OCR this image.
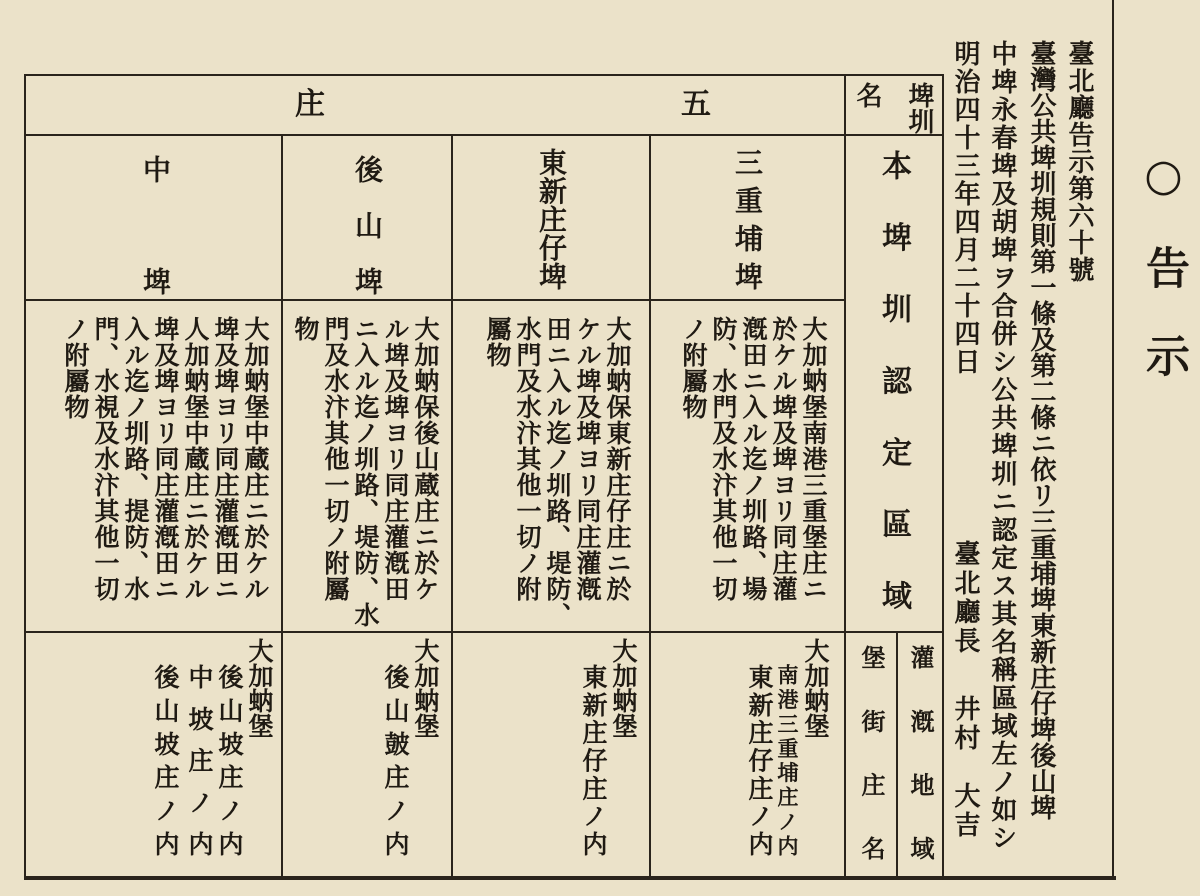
○告示
臺北廳告示第六十號
臺灣公共埤圳規則第一條及第二條ニ依リ三重埔埤東新庄仔埤後山埤
中埤永春埤及胡埤ヲ合併シ公共埤圳ニ認定ス其名稱區域左ノ如シ
明治四十三年四月二十四日
臺北廳長
井村　大吉
埤圳
名
本埤圳認定區域
灌漑地域
堡街庄名
五
庄
三重埔埤
東新庄仔埤
後山埤
中埤
大加蚋堡南港三重堡庄ニ
於ケル埤及埤ヨリ同庄灌
漑田ニ入ル迄ノ圳路、場
防、水門及水汴其他一切
ノ附屬物
大加蚋保東新庄仔庄ニ於
ケル埤及埤ヨリ同庄灌漑
田ニ入ル迄ノ圳路、堤防、
水門及水汴其他一切ノ附
屬物
大加蚋保後山蔵庄ニ於ケ
ル埤及埤ヨリ同庄灌漑田
ニ入ル迄ノ圳路、堤防、水
門及水汴其他一切ノ附屬
物
大加蚋堡中蔵庄ニ於ケル
埤及埤ヨリ同庄灌漑田ニ
人加蚋堡中蔵庄ニ於ケル
埤及埤ヨリ同庄灌漑田ニ
入ル迄ノ圳路、提防、水
門、水視及水汴其他一切
ノ附屬物
大加蚋堡
南港三重埔庄ノ内
東新庄仔庄ノ内
大加蚋堡
東新庄仔庄ノ内
大加蚋堡
後山皷庄ノ内
大加蚋堡
後山坡庄ノ内
中坡庄ノ内
後山坡庄ノ内
